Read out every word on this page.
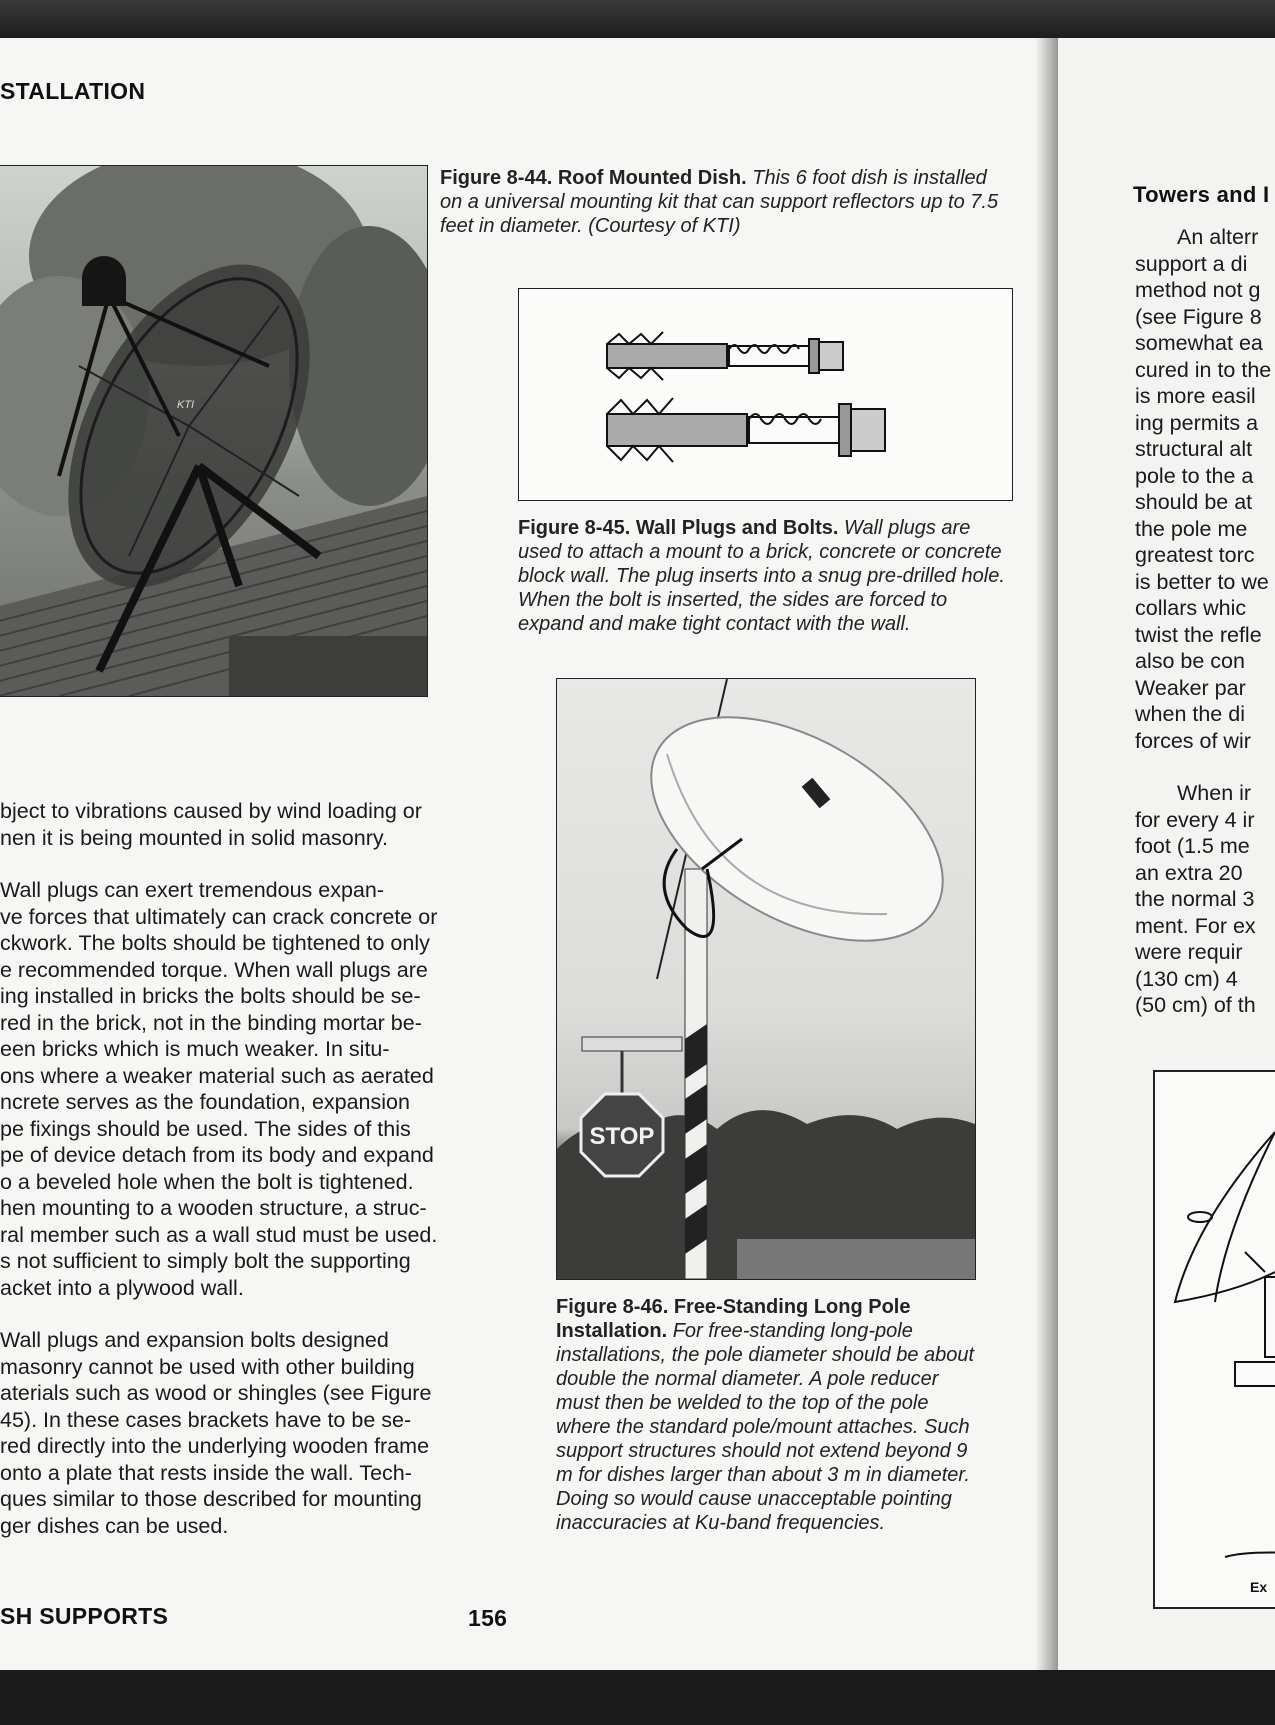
STALLATION
KTI
Figure 8-44. Roof Mounted Dish. This 6 foot dish is installed on a universal mounting kit that can support reflectors up to 7.5 feet in diameter. (Courtesy of KTI)
Figure 8-45. Wall Plugs and Bolts. Wall plugs are used to attach a mount to a brick, concrete or concrete block wall. The plug inserts into a snug pre-drilled hole. When the bolt is inserted, the sides are forced to expand and make tight contact with the wall.
STOP
Figure 8-46. Free-Standing Long Pole Installation. For free-standing long-pole installations, the pole diameter should be about double the normal diameter. A pole reducer must then be welded to the top of the pole where the standard pole/mount attaches. Such support structures should not extend beyond 9 m for dishes larger than about 3 m in diameter. Doing so would cause unacceptable pointing inaccuracies at Ku-band frequencies.

bject to vibrations caused by wind loading or
nen it is being mounted in solid masonry.

Wall plugs can exert tremendous expan-
ve forces that ultimately can crack concrete or
ckwork. The bolts should be tightened to only
e recommended torque. When wall plugs are
ing installed in bricks the bolts should be se-
red in the brick, not in the binding mortar be-
een bricks which is much weaker. In situ-
ons where a weaker material such as aerated
ncrete serves as the foundation, expansion
pe fixings should be used. The sides of this
pe of device detach from its body and expand
o a beveled hole when the bolt is tightened.
hen mounting to a wooden structure, a struc-
ral member such as a wall stud must be used.
s not sufficient to simply bolt the supporting
acket into a plywood wall.

Wall plugs and expansion bolts designed
masonry cannot be used with other building
aterials such as wood or shingles (see Figure
45). In these cases brackets have to be se-
red directly into the underlying wooden frame
onto a plate that rests inside the wall. Tech-
ques similar to those described for mounting
ger dishes can be used.

SH SUPPORTS	156
Towers and I
An alterr
support a di
method not g
(see Figure 8
somewhat ea
cured in to the
is more easil
ing permits a
structural alt
pole to the a
should be at
the pole me
greatest torc
is better to we
collars whic
twist the refle
also be con
Weaker par
when the di
forces of wir
When ir
for every 4 ir
foot (1.5 me
an extra 20
the normal 3
ment. For ex
were requir
(130 cm) 4
(50 cm) of th
Ex
